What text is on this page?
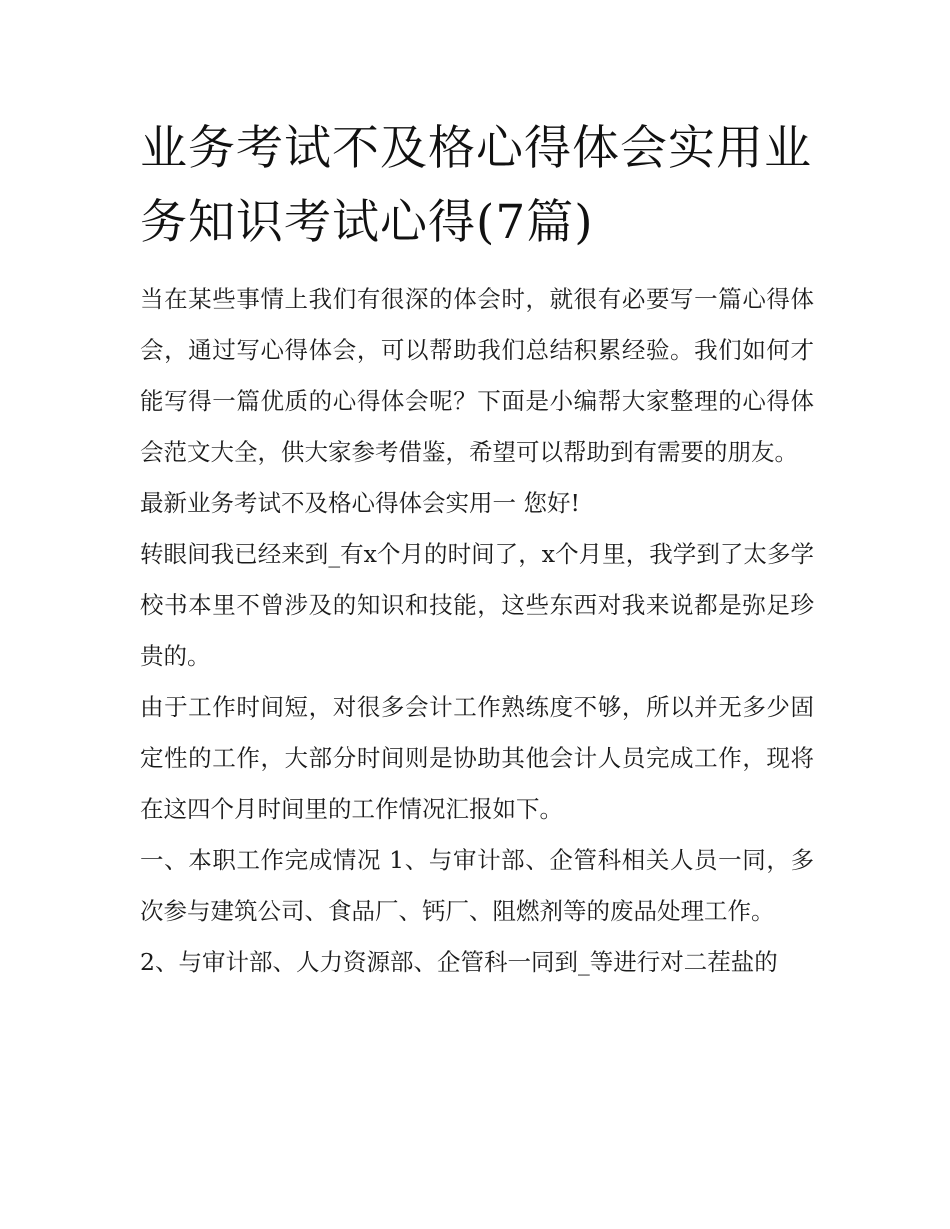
业务考试不及格心得体会实用业务知识考试心得(7篇)

当在某些事情上我们有很深的体会时，就很有必要写一篇心得体会，通过写心得体会，可以帮助我们总结积累经验。我们如何才能写得一篇优质的心得体会呢？下面是小编帮大家整理的心得体会范文大全，供大家参考借鉴，希望可以帮助到有需要的朋友。

最新业务考试不及格心得体会实用一 您好!

转眼间我已经来到_有x个月的时间了，x个月里，我学到了太多学校书本里不曾涉及的知识和技能，这些东西对我来说都是弥足珍贵的。

由于工作时间短，对很多会计工作熟练度不够，所以并无多少固定性的工作，大部分时间则是协助其他会计人员完成工作，现将在这四个月时间里的工作情况汇报如下。

一、本职工作完成情况 1、与审计部、企管科相关人员一同，多次参与建筑公司、食品厂、钙厂、阻燃剂等的废品处理工作。

2、与审计部、人力资源部、企管科一同到_等进行对二茬盐的
